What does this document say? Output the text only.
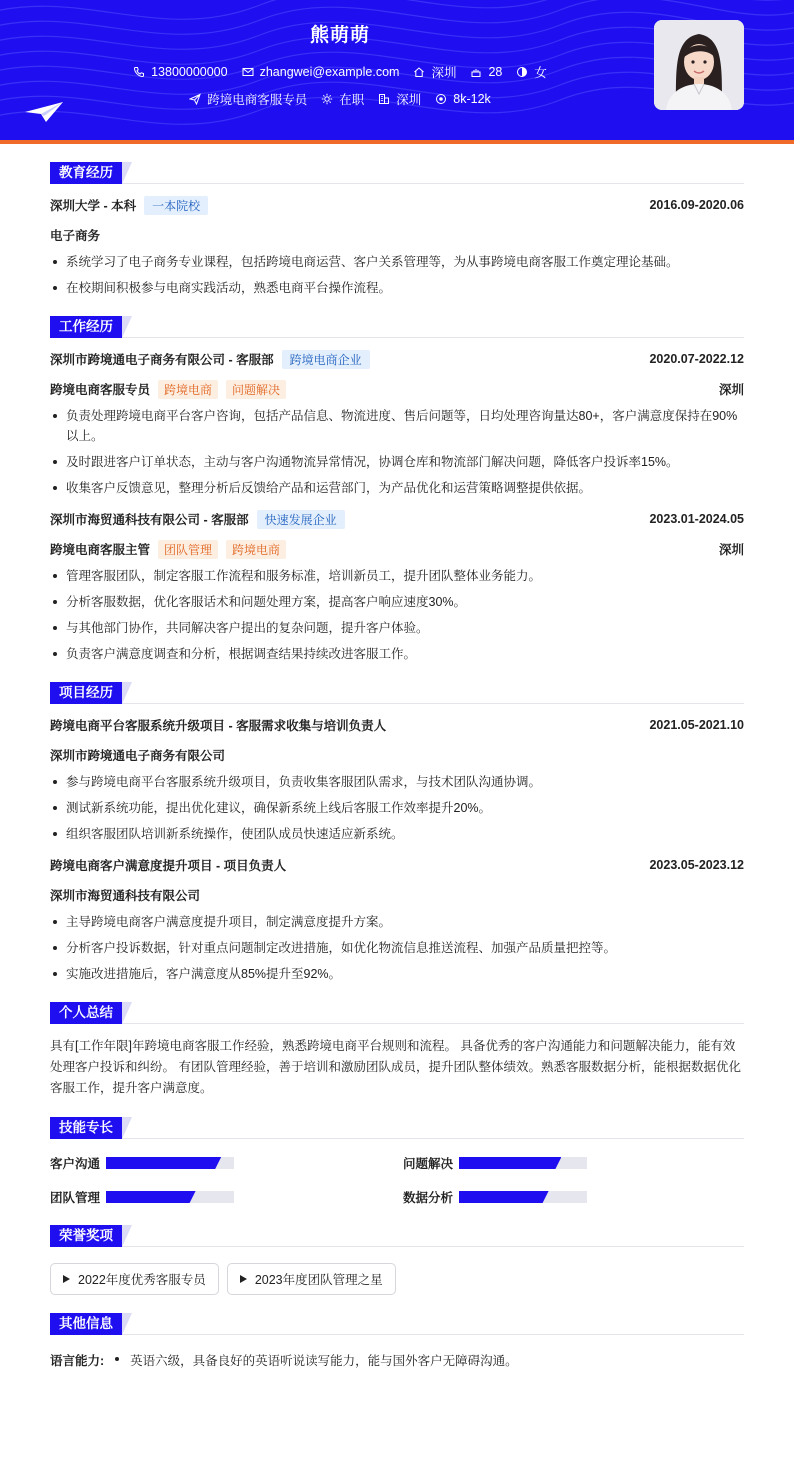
熊萌萌
13800000000	zhangwei@example.com	深圳	28	女
跨境电商客服专员	在职	深圳	8k-12k
教育经历
深圳大学 - 本科	一本院校	2016.09-2020.06
电子商务
系统学习了电子商务专业课程，包括跨境电商运营、客户关系管理等，为从事跨境电商客服工作奠定理论基础。
在校期间积极参与电商实践活动，熟悉电商平台操作流程。
工作经历
深圳市跨境通电子商务有限公司 - 客服部	跨境电商企业	2020.07-2022.12
跨境电商客服专员	跨境电商	问题解决	深圳
负责处理跨境电商平台客户咨询，包括产品信息、物流进度、售后问题等，日均处理咨询量达80+，客户满意度保持在90%以上。
及时跟进客户订单状态，主动与客户沟通物流异常情况，协调仓库和物流部门解决问题，降低客户投诉率15%。
收集客户反馈意见，整理分析后反馈给产品和运营部门，为产品优化和运营策略调整提供依据。
深圳市海贸通科技有限公司 - 客服部	快速发展企业	2023.01-2024.05
跨境电商客服主管	团队管理	跨境电商	深圳
管理客服团队，制定客服工作流程和服务标准，培训新员工，提升团队整体业务能力。
分析客服数据，优化客服话术和问题处理方案，提高客户响应速度30%。
与其他部门协作，共同解决客户提出的复杂问题，提升客户体验。
负责客户满意度调查和分析，根据调查结果持续改进客服工作。
项目经历
跨境电商平台客服系统升级项目 - 客服需求收集与培训负责人	2021.05-2021.10
深圳市跨境通电子商务有限公司
参与跨境电商平台客服系统升级项目，负责收集客服团队需求，与技术团队沟通协调。
测试新系统功能，提出优化建议，确保新系统上线后客服工作效率提升20%。
组织客服团队培训新系统操作，使团队成员快速适应新系统。
跨境电商客户满意度提升项目 - 项目负责人	2023.05-2023.12
深圳市海贸通科技有限公司
主导跨境电商客户满意度提升项目，制定满意度提升方案。
分析客户投诉数据，针对重点问题制定改进措施，如优化物流信息推送流程、加强产品质量把控等。
实施改进措施后，客户满意度从85%提升至92%。
个人总结

具有[工作年限]年跨境电商客服工作经验，熟悉跨境电商平台规则和流程。 具备优秀的客户沟通能力和问题解决能力，能有效处理客户投诉和纠纷。 有团队管理经验，善于培训和激励团队成员，提升团队整体绩效。熟悉客服数据分析，能根据数据优化客服工作，提升客户满意度。

技能专长
客户沟通	问题解决
团队管理	数据分析
荣誉奖项
2022年度优秀客服专员	2023年度团队管理之星
其他信息
语言能力:	英语六级，具备良好的英语听说读写能力，能与国外客户无障碍沟通。
